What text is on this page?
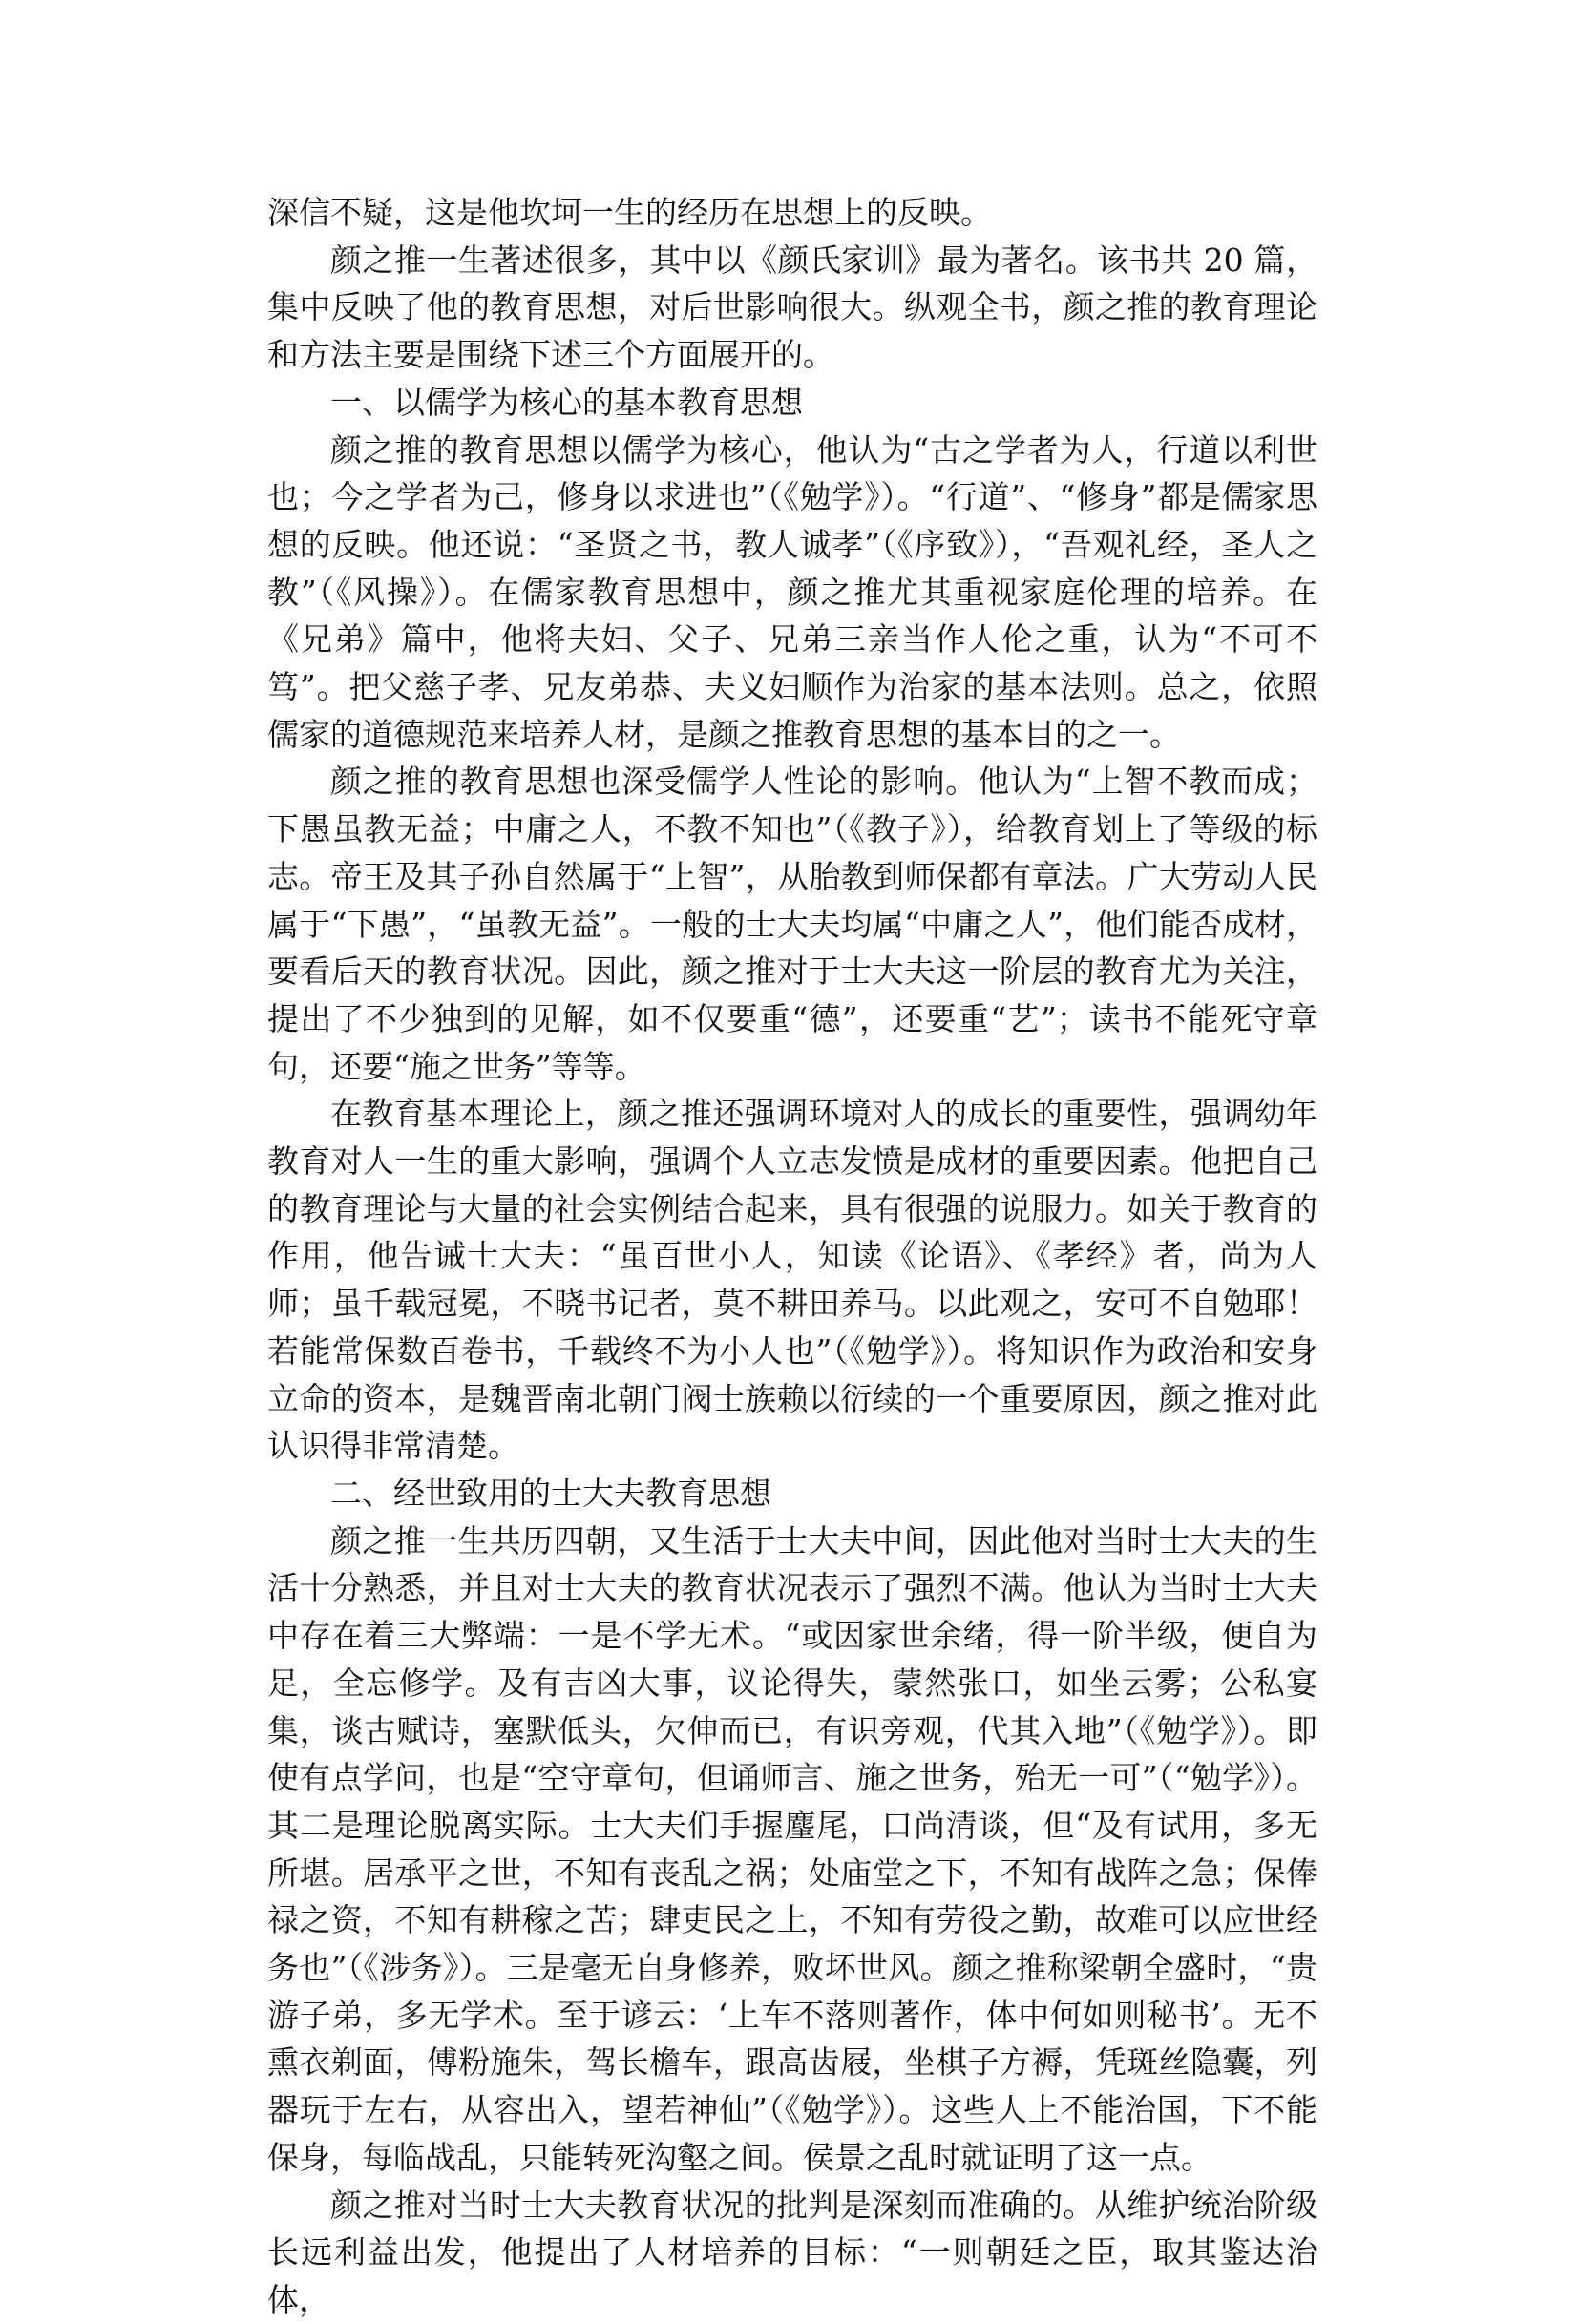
深信不疑，这是他坎坷一生的经历在思想上的反映。

颜之推一生著述很多，其中以《颜氏家训》最为著名。该书共 20 篇，集中反映了他的教育思想，对后世影响很大。纵观全书，颜之推的教育理论和方法主要是围绕下述三个方面展开的。

一、以儒学为核心的基本教育思想

颜之推的教育思想以儒学为核心，他认为“古之学者为人，行道以利世也；今之学者为己，修身以求进也”（《勉学》）。“行道”、“修身”都是儒家思想的反映。他还说：“圣贤之书，教人诚孝”（《序致》），“吾观礼经，圣人之教”（《风操》）。在儒家教育思想中，颜之推尤其重视家庭伦理的培养。在《兄弟》篇中，他将夫妇、父子、兄弟三亲当作人伦之重，认为“不可不笃”。把父慈子孝、兄友弟恭、夫义妇顺作为治家的基本法则。总之，依照儒家的道德规范来培养人材，是颜之推教育思想的基本目的之一。

颜之推的教育思想也深受儒学人性论的影响。他认为“上智不教而成；下愚虽教无益；中庸之人，不教不知也”（《教子》），给教育划上了等级的标志。帝王及其子孙自然属于“上智”，从胎教到师保都有章法。广大劳动人民属于“下愚”，“虽教无益”。一般的士大夫均属“中庸之人”，他们能否成材，要看后天的教育状况。因此，颜之推对于士大夫这一阶层的教育尤为关注，提出了不少独到的见解，如不仅要重“德”，还要重“艺”；读书不能死守章句，还要“施之世务”等等。

在教育基本理论上，颜之推还强调环境对人的成长的重要性，强调幼年教育对人一生的重大影响，强调个人立志发愤是成材的重要因素。他把自己的教育理论与大量的社会实例结合起来，具有很强的说服力。如关于教育的作用，他告诫士大夫：“虽百世小人，知读《论语》、《孝经》者，尚为人师；虽千载冠冕，不晓书记者，莫不耕田养马。以此观之，安可不自勉耶！若能常保数百卷书，千载终不为小人也”（《勉学》）。将知识作为政治和安身立命的资本，是魏晋南北朝门阀士族赖以衍续的一个重要原因，颜之推对此认识得非常清楚。

二、经世致用的士大夫教育思想

颜之推一生共历四朝，又生活于士大夫中间，因此他对当时士大夫的生活十分熟悉，并且对士大夫的教育状况表示了强烈不满。他认为当时士大夫中存在着三大弊端：一是不学无术。“或因家世余绪，得一阶半级，便自为足，全忘修学。及有吉凶大事，议论得失，蒙然张口，如坐云雾；公私宴集，谈古赋诗，塞默低头，欠伸而已，有识旁观，代其入地”（《勉学》）。即使有点学问，也是“空守章句，但诵师言、施之世务，殆无一可”（“勉学》）。其二是理论脱离实际。士大夫们手握麈尾，口尚清谈，但“及有试用，多无所堪。居承平之世，不知有丧乱之祸；处庙堂之下，不知有战阵之急；保俸禄之资，不知有耕稼之苦；肆吏民之上，不知有劳役之勤，故难可以应世经务也”（《涉务》）。三是毫无自身修养，败坏世风。颜之推称梁朝全盛时，“贵游子弟，多无学术。至于谚云：‘上车不落则著作，体中何如则秘书’。无不熏衣剃面，傅粉施朱，驾长檐车，跟高齿屐，坐棋子方褥，凭斑丝隐囊，列器玩于左右，从容出入，望若神仙”（《勉学》）。这些人上不能治国，下不能保身，每临战乱，只能转死沟壑之间。侯景之乱时就证明了这一点。

颜之推对当时士大夫教育状况的批判是深刻而准确的。从维护统治阶级长远利益出发，他提出了人材培养的目标：“一则朝廷之臣，取其鉴达治体，
